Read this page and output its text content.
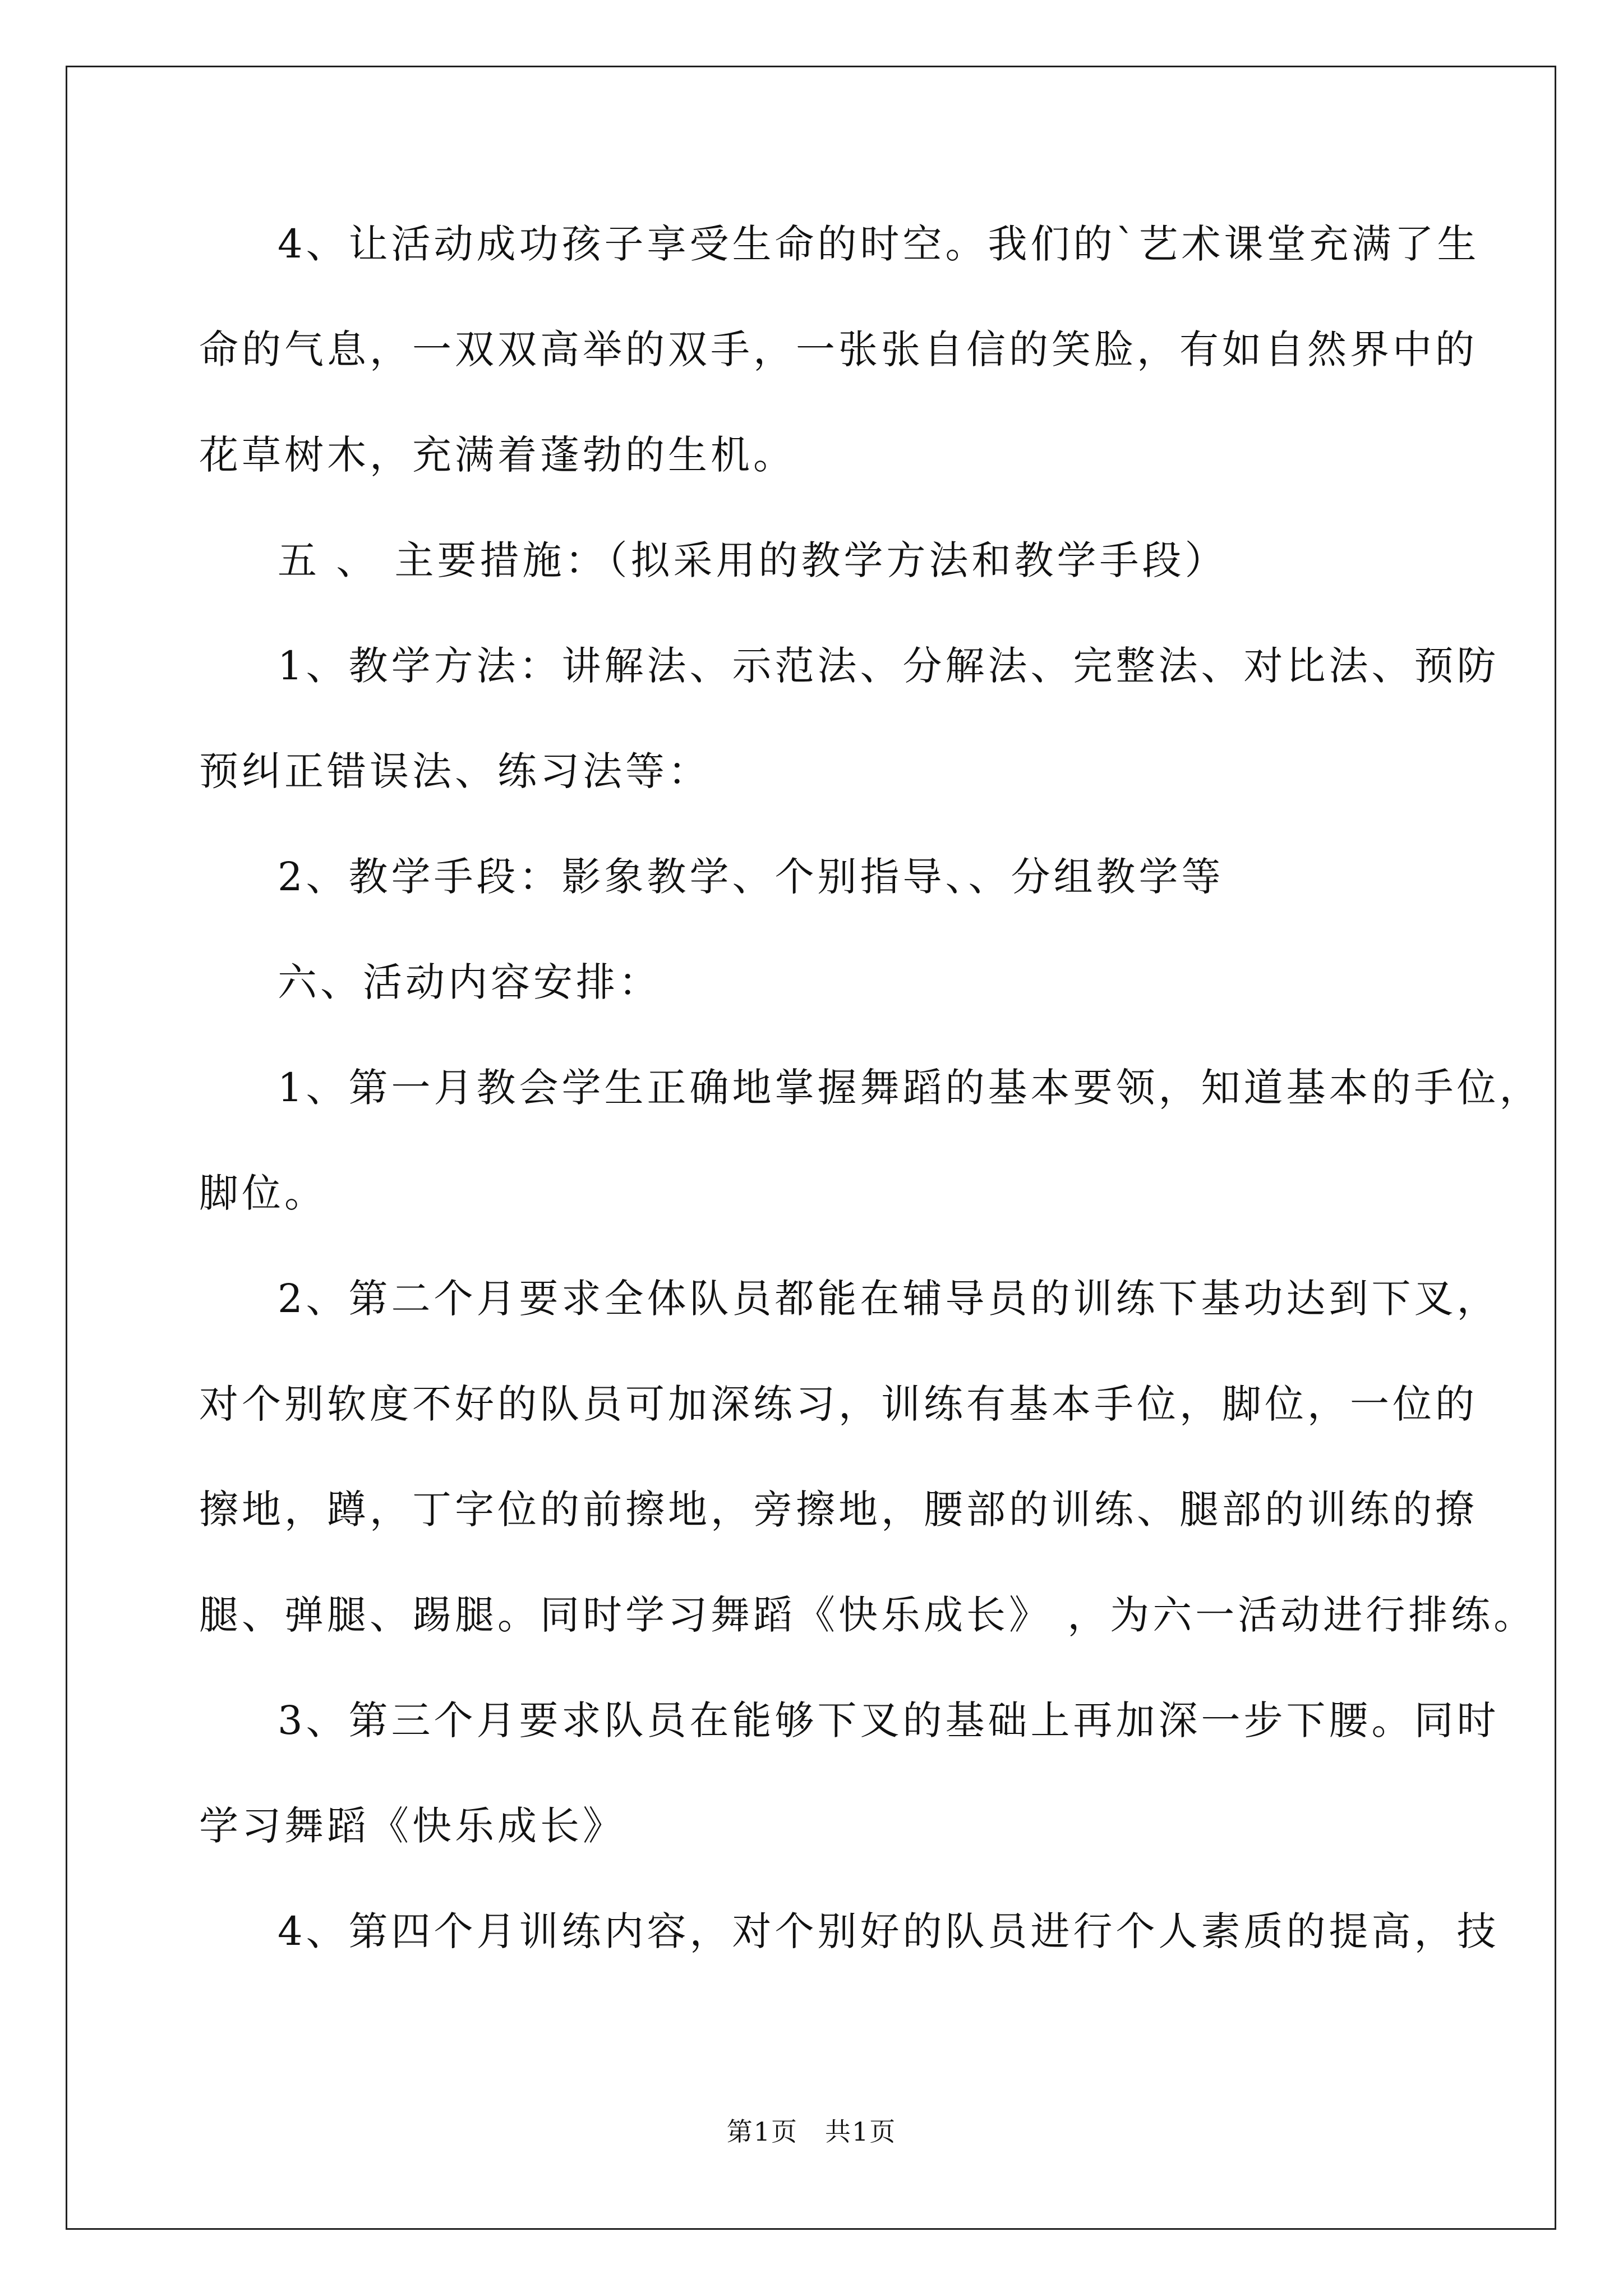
4、让活动成功孩子享受生命的时空。我们的`艺术课堂充满了生
命的气息，一双双高举的双手，一张张自信的笑脸，有如自然界中的
花草树木，充满着蓬勃的生机。
五 、 主要措施：（拟采用的教学方法和教学手段）
1、教学方法：讲解法、示范法、分解法、完整法、对比法、预防
预纠正错误法、练习法等：
2、教学手段：影象教学、个别指导、、分组教学等
六、活动内容安排：
1、第一月教会学生正确地掌握舞蹈的基本要领，知道基本的手位，
脚位。
2、第二个月要求全体队员都能在辅导员的训练下基功达到下叉，
对个别软度不好的队员可加深练习，训练有基本手位，脚位，一位的
擦地，蹲，丁字位的前擦地，旁擦地，腰部的训练、腿部的训练的撩
腿、弹腿、踢腿。同时学习舞蹈《快乐成长》 ，为六一活动进行排练。
3、第三个月要求队员在能够下叉的基础上再加深一步下腰。同时
学习舞蹈《快乐成长》
4、第四个月训练内容，对个别好的队员进行个人素质的提高，技
第1页　共1页
